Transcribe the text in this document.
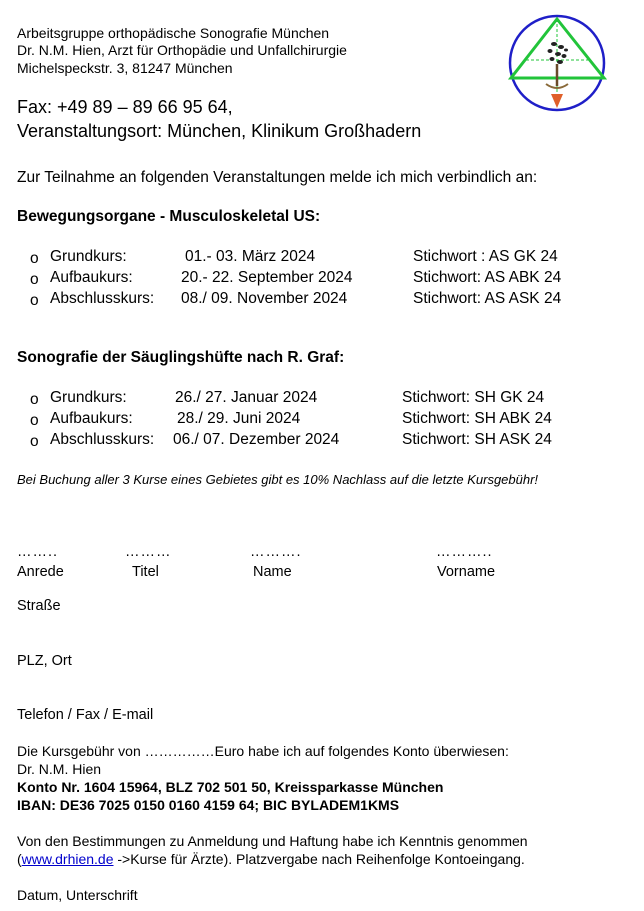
Arbeitsgruppe orthopädische Sonografie München
Dr. N.M. Hien, Arzt für Orthopädie und Unfallchirurgie
Michelspeckstr. 3, 81247 München
Fax: +49 89 – 89 66 95 64,
Veranstaltungsort: München, Klinikum Großhadern
Zur Teilnahme an folgenden Veranstaltungen melde ich mich verbindlich an:
Bewegungsorgane - Musculoskeletal US:
o Grundkurs:	01.- 03. März 2024	Stichwort : AS GK 24
o Aufbaukurs:	20.- 22. September 2024	Stichwort: AS ABK 24
o Abschlusskurs: 08./ 09. November 2024	Stichwort: AS ASK 24
Sonografie der Säuglingshüfte nach R. Graf:
o Grundkurs:	26./ 27. Januar 2024	Stichwort: SH GK 24
o Aufbaukurs:	28./ 29. Juni 2024	Stichwort: SH ABK 24
o Abschlusskurs: 06./ 07. Dezember 2024	Stichwort: SH ASK 24
Bei Buchung aller 3 Kurse eines Gebietes gibt es 10% Nachlass auf die letzte Kursgebühr!
……..	………	……….	………..
Anrede	Titel	Name	Vorname
Straße
PLZ, Ort
Telefon / Fax / E-mail
Die Kursgebühr von ……………Euro habe ich auf folgendes Konto überwiesen:
Dr. N.M. Hien
Konto Nr. 1604 15964, BLZ 702 501 50, Kreissparkasse München
IBAN: DE36 7025 0150 0160 4159 64; BIC BYLADEM1KMS
Von den Bestimmungen zu Anmeldung und Haftung habe ich Kenntnis genommen
(www.drhien.de ->Kurse für Ärzte). Platzvergabe nach Reihenfolge Kontoeingang.
Datum, Unterschrift
